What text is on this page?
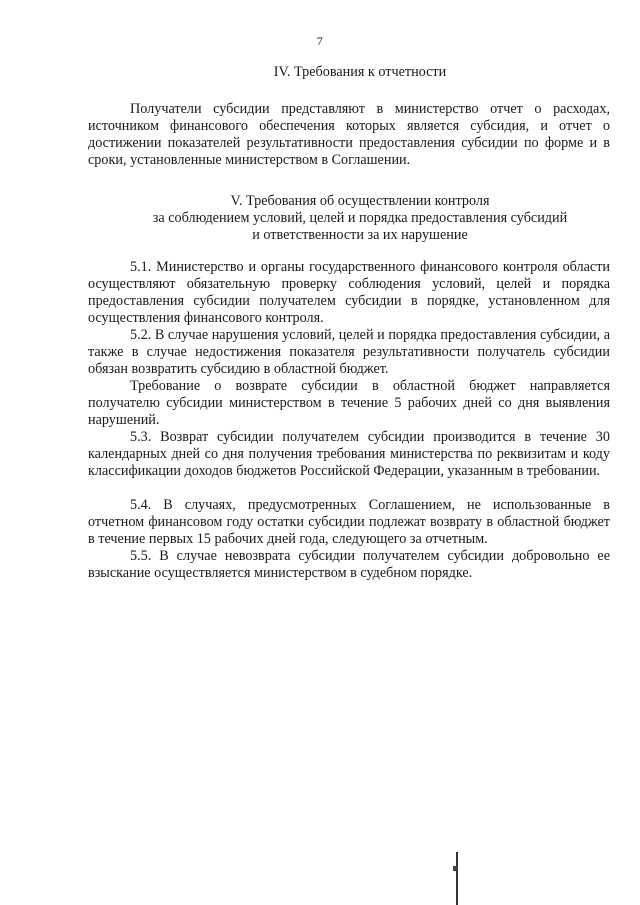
7
IV. Требования к отчетности

Получатели субсидии представляют в министерство отчет о расходах, источником финансового обеспечения которых является субсидия, и отчет о достижении показателей результативности предоставления субсидии по форме и в сроки, установленные министерством в Соглашении.

V. Требования об осуществлении контроля
за соблюдением условий, целей и порядка предоставления субсидий
и ответственности за их нарушение

5.1. Министерство и органы государственного финансового контроля области осуществляют обязательную проверку соблюдения условий, целей и порядка предоставления субсидии получателем субсидии в порядке, установленном для осуществления финансового контроля.

5.2. В случае нарушения условий, целей и порядка предоставления субсидии, а также в случае недостижения показателя результативности получатель субсидии обязан возвратить субсидию в областной бюджет.

Требование о возврате субсидии в областной бюджет направляется получателю субсидии министерством в течение 5 рабочих дней со дня выявления нарушений.

5.3. Возврат субсидии получателем субсидии производится в течение 30 календарных дней со дня получения требования министерства по реквизитам и коду классификации доходов бюджетов Российской Федерации, указанным в требовании.

5.4. В случаях, предусмотренных Соглашением, не использованные в отчетном финансовом году остатки субсидии подлежат возврату в областной бюджет в течение первых 15 рабочих дней года, следующего за отчетным.

5.5. В случае невозврата субсидии получателем субсидии добровольно ее взыскание осуществляется министерством в судебном порядке.
